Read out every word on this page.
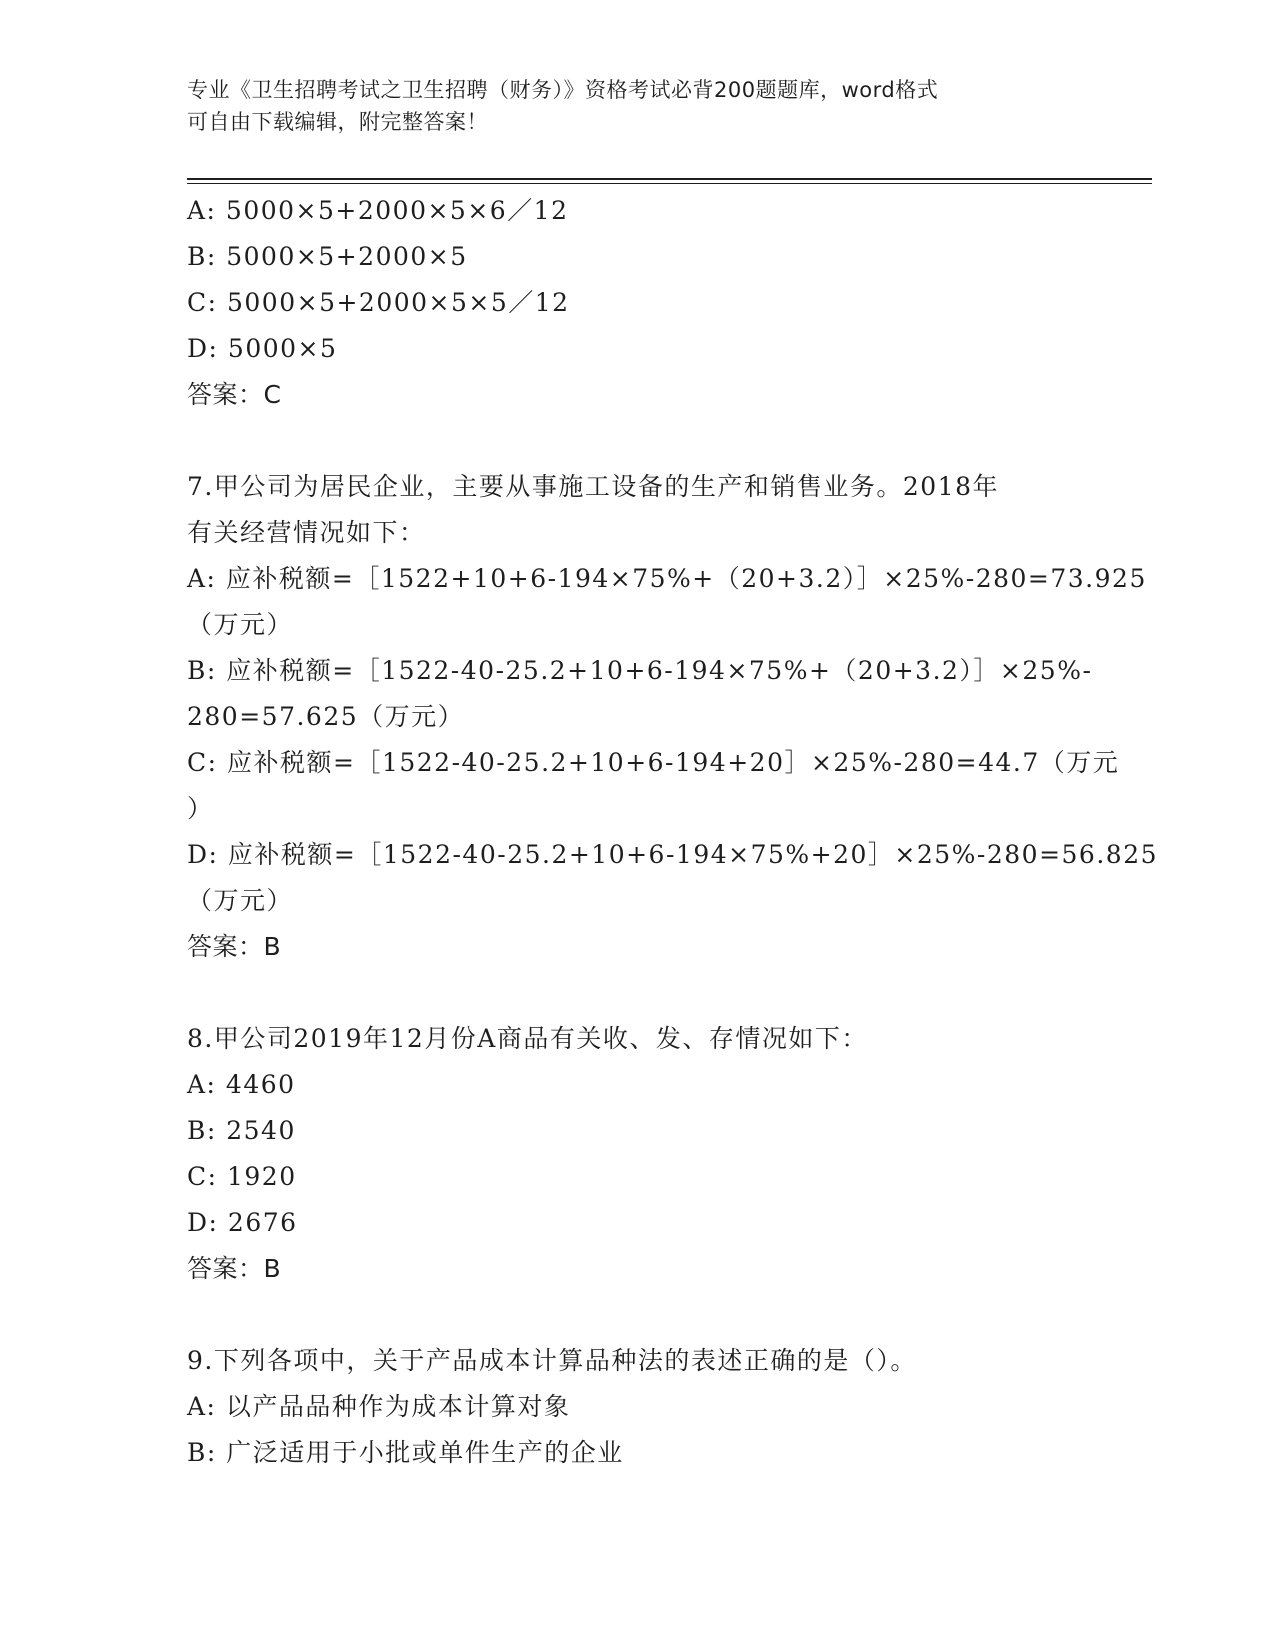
专业《卫生招聘考试之卫生招聘（财务）》资格考试必背200题题库，word格式
可自由下载编辑，附完整答案！
A: 5000×5+2000×5×6／12
B: 5000×5+2000×5
C: 5000×5+2000×5×5／12
D: 5000×5
答案：C
7.甲公司为居民企业，主要从事施工设备的生产和销售业务。2018年
有关经营情况如下：
A: 应补税额=［1522+10+6-194×75%+（20+3.2）］×25%-280=73.925
（万元）
B: 应补税额=［1522-40-25.2+10+6-194×75%+（20+3.2）］×25%-
280=57.625（万元）
C: 应补税额=［1522-40-25.2+10+6-194+20］×25%-280=44.7（万元
）
D: 应补税额=［1522-40-25.2+10+6-194×75%+20］×25%-280=56.825
（万元）
答案：B
8.甲公司2019年12月份A商品有关收、发、存情况如下：
A: 4460
B: 2540
C: 1920
D: 2676
答案：B
9.下列各项中，关于产品成本计算品种法的表述正确的是（）。
A: 以产品品种作为成本计算对象
B: 广泛适用于小批或单件生产的企业
